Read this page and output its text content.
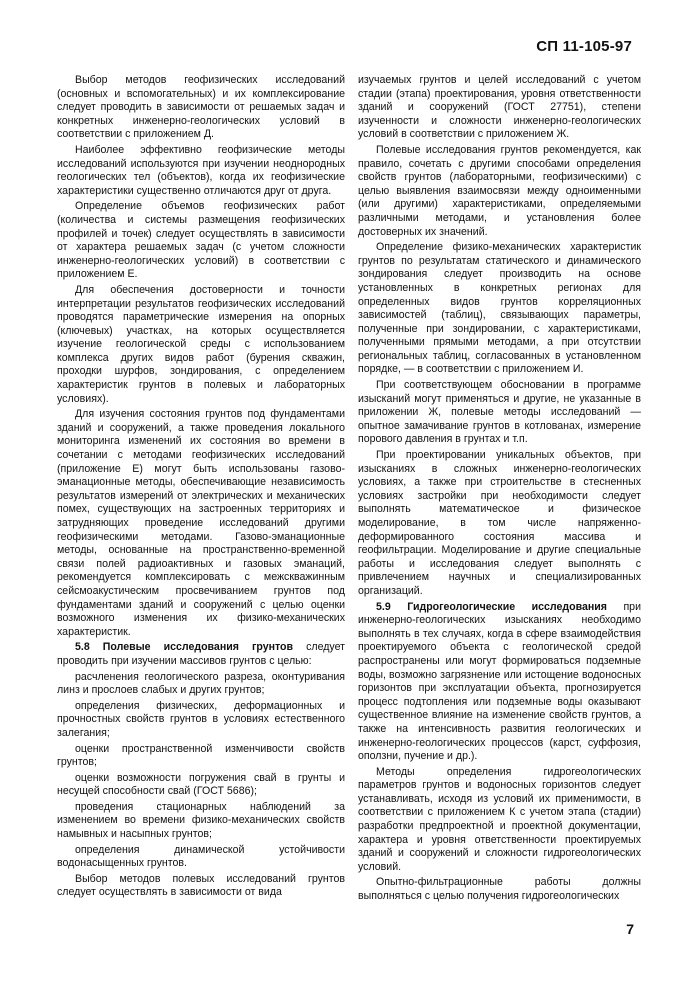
СП 11-105-97

Выбор методов геофизических исследований (основных и вспомогательных) и их комплексирование следует проводить в зависимости от решаемых задач и конкретных инженерно-геологических условий в соответствии с приложением Д.

Наиболее эффективно геофизические методы исследований используются при изучении неоднородных геологических тел (объектов), когда их геофизические характеристики существенно отличаются друг от друга.

Определение объемов геофизических работ (количества и системы размещения геофизических профилей и точек) следует осуществлять в зависимости от характера решаемых задач (с учетом сложности инженерно-геологических условий) в соответствии с приложением Е.

Для обеспечения достоверности и точности интерпретации результатов геофизических исследований проводятся параметрические измерения на опорных (ключевых) участках, на которых осуществляется изучение геологической среды с использованием комплекса других видов работ (бурения скважин, проходки шурфов, зондирования, с определением характеристик грунтов в полевых и лабораторных условиях).

Для изучения состояния грунтов под фундаментами зданий и сооружений, а также проведения локального мониторинга изменений их состояния во времени в сочетании с методами геофизических исследований (приложение Е) могут быть использованы газово-эманационные методы, обеспечивающие независимость результатов измерений от электрических и механических помех, существующих на застроенных территориях и затрудняющих проведение исследований другими геофизическими методами. Газово-эманационные методы, основанные на пространственно-временной связи полей радиоактивных и газовых эманаций, рекомендуется комплексировать с межскважинным сейсмоакустическим просвечиванием грунтов под фундаментами зданий и сооружений с целью оценки возможного изменения их физико-механических характеристик.

5.8 Полевые исследования грунтов следует проводить при изучении массивов грунтов с целью:

расчленения геологического разреза, оконтуривания линз и прослоев слабых и других грунтов;

определения физических, деформационных и прочностных свойств грунтов в условиях естественного залегания;

оценки пространственной изменчивости свойств грунтов;

оценки возможности погружения свай в грунты и несущей способности свай (ГОСТ 5686);

проведения стационарных наблюдений за изменением во времени физико-механических свойств намывных и насыпных грунтов;

определения динамической устойчивости водонасыщенных грунтов.

Выбор методов полевых исследований грунтов следует осуществлять в зависимости от вида

изучаемых грунтов и целей исследований с учетом стадии (этапа) проектирования, уровня ответственности зданий и сооружений (ГОСТ 27751), степени изученности и сложности инженерно-геологических условий в соответствии с приложением Ж.

Полевые исследования грунтов рекомендуется, как правило, сочетать с другими способами определения свойств грунтов (лабораторными, геофизическими) с целью выявления взаимосвязи между одноименными (или другими) характеристиками, определяемыми различными методами, и установления более достоверных их значений.

Определение физико-механических характеристик грунтов по результатам статического и динамического зондирования следует производить на основе установленных в конкретных регионах для определенных видов грунтов корреляционных зависимостей (таблиц), связывающих параметры, полученные при зондировании, с характеристиками, полученными прямыми методами, а при отсутствии региональных таблиц, согласованных в установленном порядке, — в соответствии с приложением И.

При соответствующем обосновании в программе изысканий могут применяться и другие, не указанные в приложении Ж, полевые методы исследований — опытное замачивание грунтов в котлованах, измерение порового давления в грунтах и т.п.

При проектировании уникальных объектов, при изысканиях в сложных инженерно-геологических условиях, а также при строительстве в стесненных условиях застройки при необходимости следует выполнять математическое и физическое моделирование, в том числе напряженно-деформированного состояния массива и геофильтрации. Моделирование и другие специальные работы и исследования следует выполнять с привлечением научных и специализированных организаций.

5.9 Гидрогеологические исследования при инженерно-геологических изысканиях необходимо выполнять в тех случаях, когда в сфере взаимодействия проектируемого объекта с геологической средой распространены или могут формироваться подземные воды, возможно загрязнение или истощение водоносных горизонтов при эксплуатации объекта, прогнозируется процесс подтопления или подземные воды оказывают существенное влияние на изменение свойств грунтов, а также на интенсивность развития геологических и инженерно-геологических процессов (карст, суффозия, оползни, пучение и др.).

Методы определения гидрогеологических параметров грунтов и водоносных горизонтов следует устанавливать, исходя из условий их применимости, в соответствии с приложением К с учетом этапа (стадии) разработки предпроектной и проектной документации, характера и уровня ответственности проектируемых зданий и сооружений и сложности гидрогеологических условий.

Опытно-фильтрационные работы должны выполняться с целью получения гидрогеологических

7
